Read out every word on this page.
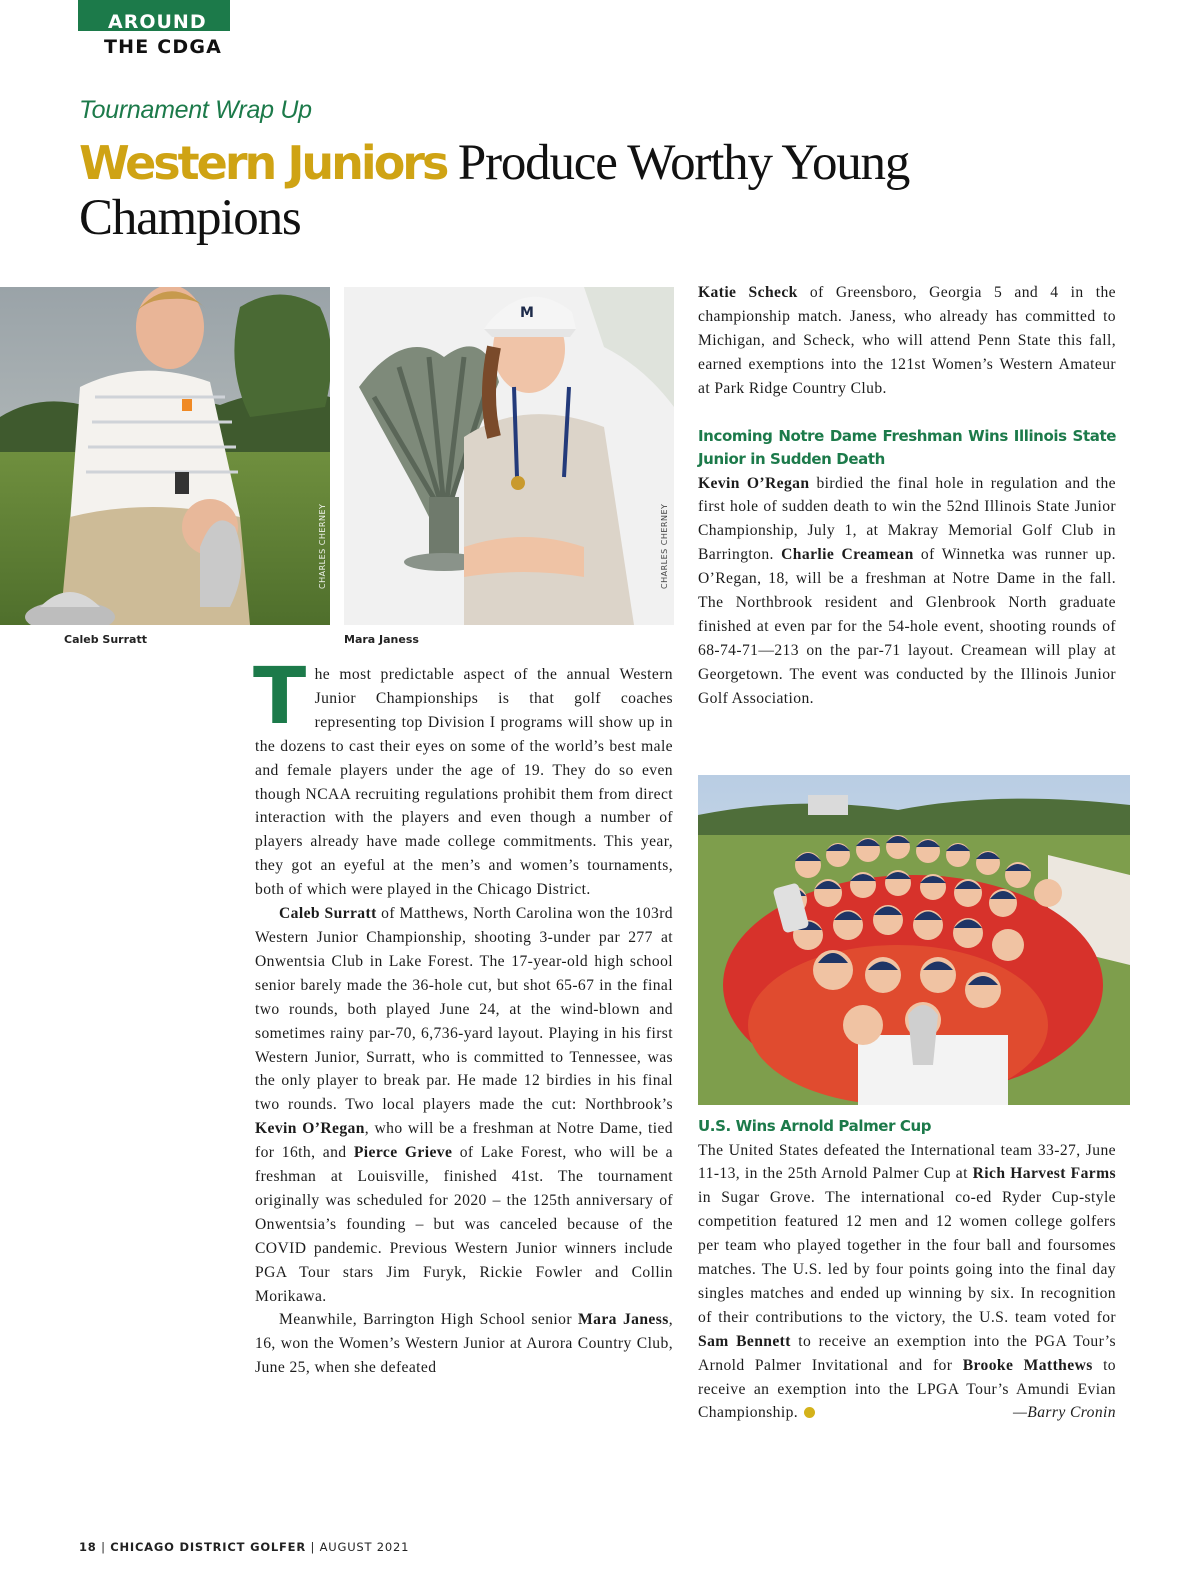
AROUND
THE CDGA
Tournament Wrap Up
Western Juniors Produce Worthy Young Champions
CHARLES CHERNEY
Caleb Surratt
M
CHARLES CHERNEY
Mara Janess

The most predictable aspect of the annual Western Junior Championships is that golf coaches representing top Division I programs will show up in the dozens to cast their eyes on some of the world’s best male and female players under the age of 19. They do so even though NCAA recruiting regulations prohibit them from direct interaction with the players and even though a number of players already have made college commitments. This year, they got an eyeful at the men’s and women’s tournaments, both of which were played in the Chicago District.

Caleb Surratt of Matthews, North Carolina won the 103rd Western Junior Championship, shooting 3-under par 277 at Onwentsia Club in Lake Forest. The 17-year-old high school senior barely made the 36-hole cut, but shot 65-67 in the final two rounds, both played June 24, at the wind-blown and sometimes rainy par-70, 6,736-yard layout. Playing in his first Western Junior, Surratt, who is committed to Tennessee, was the only player to break par. He made 12 birdies in his final two rounds. Two local players made the cut: Northbrook’s Kevin O’Regan, who will be a freshman at Notre Dame, tied for 16th, and Pierce Grieve of Lake Forest, who will be a freshman at Louisville, finished 41st. The tournament originally was scheduled for 2020 – the 125th anniversary of Onwentsia’s founding – but was canceled because of the COVID pandemic. Previous Western Junior winners include PGA Tour stars Jim Furyk, Rickie Fowler and Collin Morikawa.

Meanwhile, Barrington High School senior Mara Janess, 16, won the Women’s Western Junior at Aurora Country Club, June 25, when she defeated

Katie Scheck of Greensboro, Georgia 5 and 4 in the championship match. Janess, who already has committed to Michigan, and Scheck, who will attend Penn State this fall, earned exemptions into the 121st Women’s Western Amateur at Park Ridge Country Club.

Incoming Notre Dame Freshman Wins Illinois State Junior in Sudden Death

Kevin O’Regan birdied the final hole in regulation and the first hole of sudden death to win the 52nd Illinois State Junior Championship, July 1, at Makray Memorial Golf Club in Barrington. Charlie Creamean of Winnetka was runner up. O’Regan, 18, will be a freshman at Notre Dame in the fall. The Northbrook resident and Glenbrook North graduate finished at even par for the 54-hole event, shooting rounds of 68-74-71—213 on the par-71 layout. Creamean will play at Georgetown. The event was conducted by the Illinois Junior Golf Association.

U.S. Wins Arnold Palmer Cup

The United States defeated the International team 33-27, June 11-13, in the 25th Arnold Palmer Cup at Rich Harvest Farms in Sugar Grove. The international co-ed Ryder Cup-style competition featured 12 men and 12 women college golfers per team who played together in the four ball and foursomes matches. The U.S. led by four points going into the final day singles matches and ended up winning by six. In recognition of their contributions to the victory, the U.S. team voted for Sam Bennett to receive an exemption into the PGA Tour’s Arnold Palmer Invitational and for Brooke Matthews to receive an exemption into the LPGA Tour’s Amundi Evian Championship.	—Barry Cronin

18 | CHICAGO DISTRICT GOLFER | AUGUST 2021
